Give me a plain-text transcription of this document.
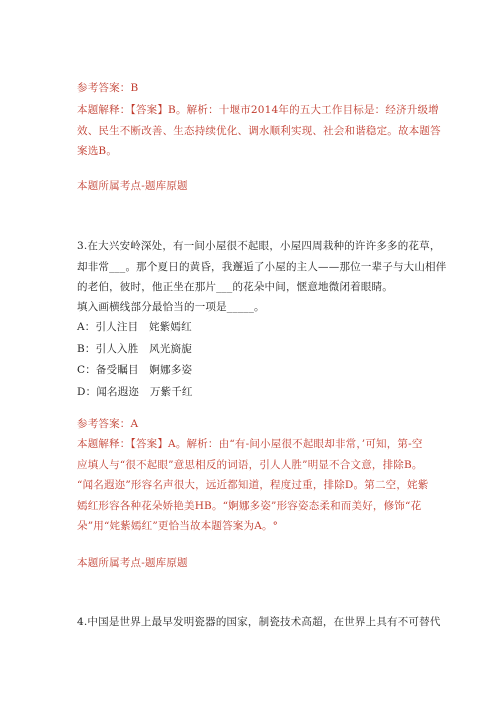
参考答案：B
本题解释：【答案】B。解析：十堰市2014年的五大工作目标是：经济升级增
效、民生不断改善、生态持续优化、调水顺利实现、社会和谐稳定。故本题答
案选B。
本题所属考点-题库原题
3.在大兴安岭深处，有一间小屋很不起眼，小屋四周栽种的许许多多的花草，
却非常___。那个夏日的黄昏，我邂逅了小屋的主人——那位一辈子与大山相伴
的老伯，彼时，他正坐在那片___的花朵中间，惬意地微闭着眼睛。
填入画横线部分最恰当的一项是_____。
A：引人注目　姹紫嫣红
B：引人入胜　风光旖旎
C：备受瞩目　婀娜多姿
D：闻名遐迩　万紫千红
参考答案：A
本题解释：【答案】A。解析：由“有-间小屋很不起眼却非常，’可知，第-空
应填人与“很不起眼”意思相反的词语，引人人胜”明显不合文意，排除B。
“闻名遐迩”形容名声很大，远近都知道，程度过重，排除D。第二空，姹紫
嫣红形容各种花朵娇艳美HB。“婀娜多姿”形容姿态柔和而美好，修饰“花
朵”用“姹紫嫣红”更恰当故本题答案为A。°
本题所属考点-题库原题
4.中国是世界上最早发明瓷器的国家，制瓷技术高超，在世界上具有不可替代
